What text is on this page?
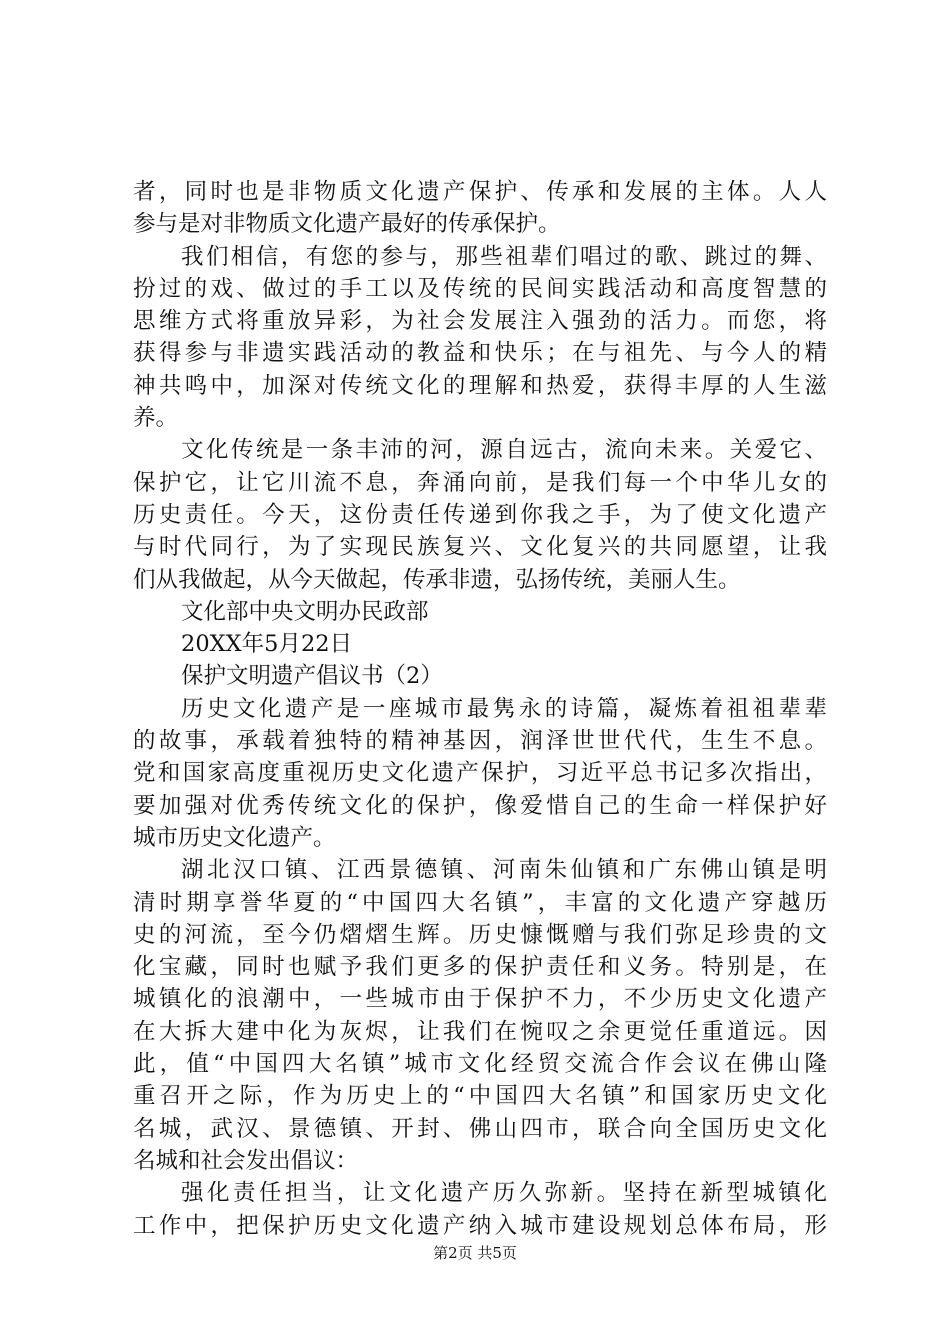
者，同时也是非物质文化遗产保护、传承和发展的主体。人人
参与是对非物质文化遗产最好的传承保护。
我们相信，有您的参与，那些祖辈们唱过的歌、跳过的舞、
扮过的戏、做过的手工以及传统的民间实践活动和高度智慧的
思维方式将重放异彩，为社会发展注入强劲的活力。而您，将
获得参与非遗实践活动的教益和快乐；在与祖先、与今人的精
神共鸣中，加深对传统文化的理解和热爱，获得丰厚的人生滋
养。
文化传统是一条丰沛的河，源自远古，流向未来。关爱它、
保护它，让它川流不息，奔涌向前，是我们每一个中华儿女的
历史责任。今天，这份责任传递到你我之手，为了使文化遗产
与时代同行，为了实现民族复兴、文化复兴的共同愿望，让我
们从我做起，从今天做起，传承非遗，弘扬传统，美丽人生。
文化部中央文明办民政部
20XX年5月22日
保护文明遗产倡议书（2）
历史文化遗产是一座城市最隽永的诗篇，凝炼着祖祖辈辈
的故事，承载着独特的精神基因，润泽世世代代，生生不息。
党和国家高度重视历史文化遗产保护，习近平总书记多次指出，
要加强对优秀传统文化的保护，像爱惜自己的生命一样保护好
城市历史文化遗产。
湖北汉口镇、江西景德镇、河南朱仙镇和广东佛山镇是明
清时期享誉华夏的“中国四大名镇”，丰富的文化遗产穿越历
史的河流，至今仍熠熠生辉。历史慷慨赠与我们弥足珍贵的文
化宝藏，同时也赋予我们更多的保护责任和义务。特别是，在
城镇化的浪潮中，一些城市由于保护不力，不少历史文化遗产
在大拆大建中化为灰烬，让我们在惋叹之余更觉任重道远。因
此，值“中国四大名镇”城市文化经贸交流合作会议在佛山隆
重召开之际，作为历史上的“中国四大名镇”和国家历史文化
名城，武汉、景德镇、开封、佛山四市，联合向全国历史文化
名城和社会发出倡议：
强化责任担当，让文化遗产历久弥新。坚持在新型城镇化
工作中，把保护历史文化遗产纳入城市建设规划总体布局，形
第2页 共5页
